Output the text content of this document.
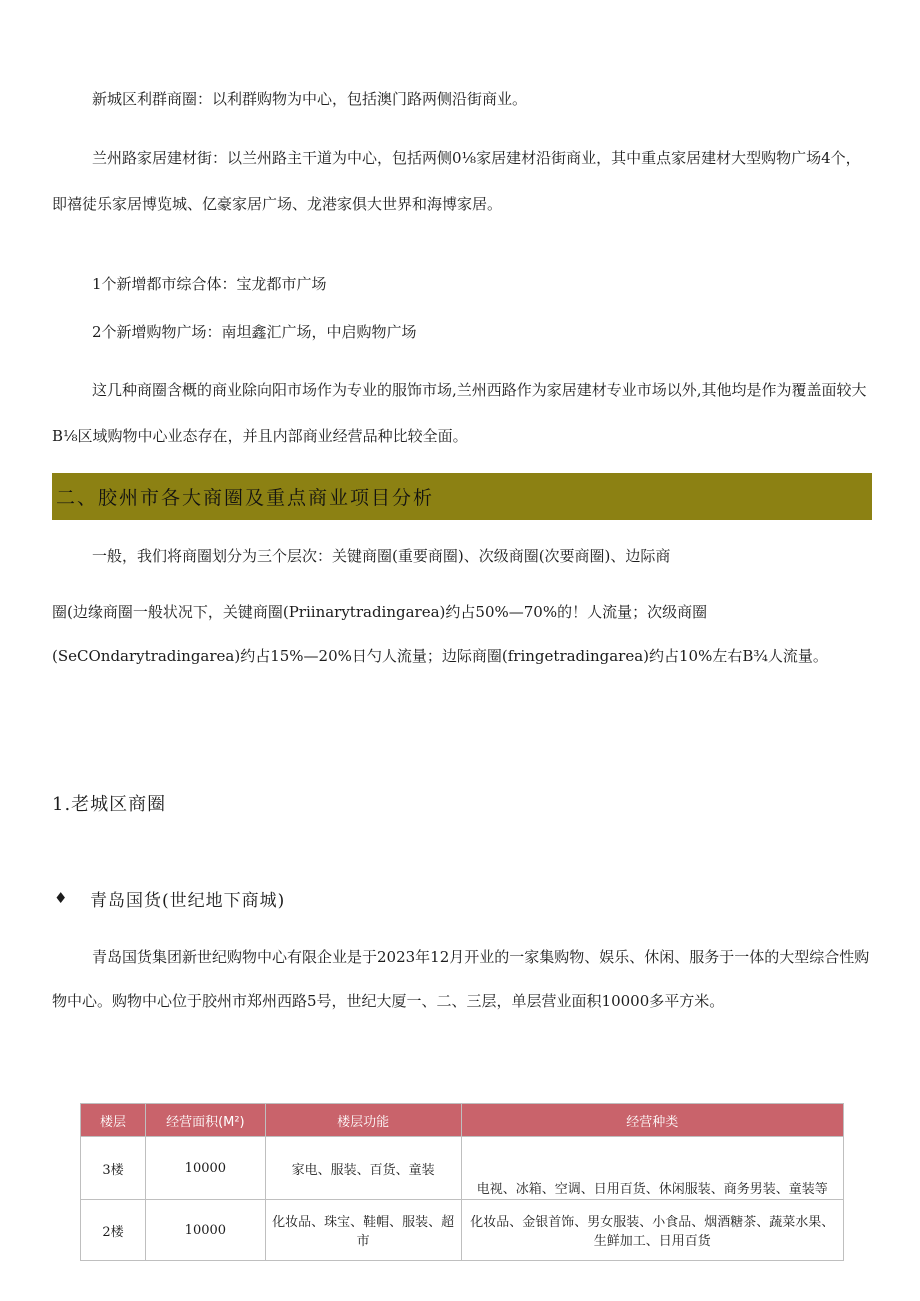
新城区利群商圈：以利群购物为中心，包括澳门路两侧沿街商业。

兰州路家居建材街：以兰州路主干道为中心，包括两侧0⅛家居建材沿街商业，其中重点家居建材大型购物广场4个，即禧徒乐家居博览城、亿豪家居广场、龙港家俱大世界和海博家居。

1个新增都市综合体：宝龙都市广场

2个新增购物广场：南坦鑫汇广场，中启购物广场

这几种商圈含概的商业除向阳市场作为专业的服饰市场,兰州西路作为家居建材专业市场以外,其他均是作为覆盖面较大B⅛区域购物中心业态存在，并且内部商业经营品种比较全面。

二、胶州市各大商圈及重点商业项目分析
一般，我们将商圈划分为三个层次：关键商圈(重要商圈)、次级商圈(次要商圈)、边际商

圈(边缘商圈一般状况下，关键商圈(Priinarytradingarea)约占50%—70%的！人流量；次级商圈(SeCOndarytradingarea)约占15%—20%日勺人流量；边际商圈(fringetradingarea)约占10%左右B¾人流量。

1.老城区商圈
♦ 青岛国货(世纪地下商城)

青岛国货集团新世纪购物中心有限企业是于2023年12月开业的一家集购物、娱乐、休闲、服务于一体的大型综合性购物中心。购物中心位于胶州市郑州西路5号，世纪大厦一、二、三层，单层营业面积10000多平方米。

楼层	经营面积(M²)	楼层功能	经营种类
3楼	10000	家电、服装、百货、童装	电视、冰箱、空调、日用百货、休闲服装、商务男装、童装等
2楼	10000	化妆品、珠宝、鞋帽、服装、超市	化妆品、金银首饰、男女服装、小食品、烟酒糖茶、蔬菜水果、生鲜加工、日用百货
